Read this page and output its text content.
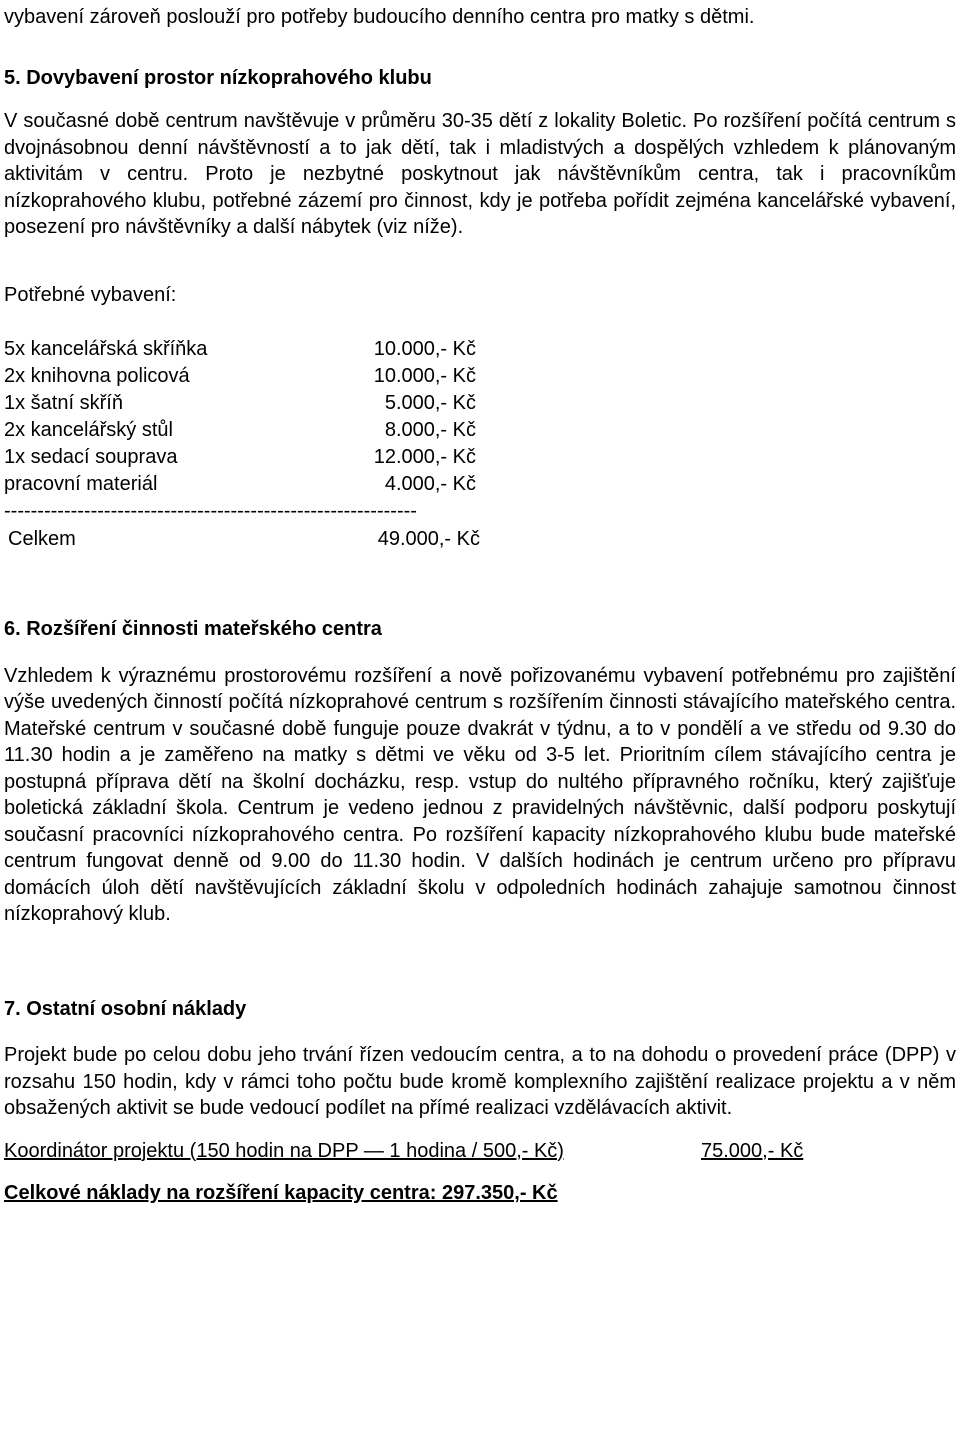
vybavení zároveň poslouží pro potřeby budoucího denního centra pro matky s dětmi.

5. Dovybavení prostor nízkoprahového klubu

V současné době centrum navštěvuje v průměru 30-35 dětí z lokality Boletic. Po rozšíření počítá centrum s dvojnásobnou denní návštěvností a to jak dětí, tak i mladistvých a dospělých vzhledem k plánovaným aktivitám v centru. Proto je nezbytné poskytnout jak návštěvníkům centra, tak i pracovníkům nízkoprahového klubu, potřebné zázemí pro činnost, kdy je potřeba pořídit zejména kancelářské vybavení, posezení pro návštěvníky a další nábytek (viz níže).

Potřebné vybavení:

5x kancelářská skříňka	10.000,- Kč
2x knihovna policová	10.000,- Kč
1x šatní skříň	5.000,- Kč
2x kancelářský stůl	8.000,- Kč
1x sedací souprava	12.000,- Kč
pracovní materiál	4.000,- Kč
--------------------------------------------------------------
Celkem	49.000,- Kč

6. Rozšíření činnosti mateřského centra

Vzhledem k výraznému prostorovému rozšíření a nově pořizovanému vybavení potřebnému pro zajištění výše uvedených činností počítá nízkoprahové centrum s rozšířením činnosti stávajícího mateřského centra. Mateřské centrum v současné době funguje pouze dvakrát v týdnu, a to v pondělí a ve středu od 9.30 do 11.30 hodin a je zaměřeno na matky s dětmi ve věku od 3-5 let. Prioritním cílem stávajícího centra je postupná příprava dětí na školní docházku, resp. vstup do nultého přípravného ročníku, který zajišťuje boletická základní škola. Centrum je vedeno jednou z pravidelných návštěvnic, další podporu poskytují současní pracovníci nízkoprahového centra. Po rozšíření kapacity nízkoprahového klubu bude mateřské centrum fungovat denně od 9.00 do 11.30 hodin. V dalších hodinách je centrum určeno pro přípravu domácích úloh dětí navštěvujících základní školu v odpoledních hodinách zahajuje samotnou činnost nízkoprahový klub.

7. Ostatní osobní náklady

Projekt bude po celou dobu jeho trvání řízen vedoucím centra, a to na dohodu o provedení práce (DPP) v rozsahu 150 hodin, kdy v rámci toho počtu bude kromě komplexního zajištění realizace projektu a v něm obsažených aktivit se bude vedoucí podílet na přímé realizaci vzdělávacích aktivit.

Koordinátor projektu (150 hodin na DPP — 1 hodina / 500,- Kč)	75.000,- Kč
Celkové náklady na rozšíření kapacity centra: 297.350,- Kč
